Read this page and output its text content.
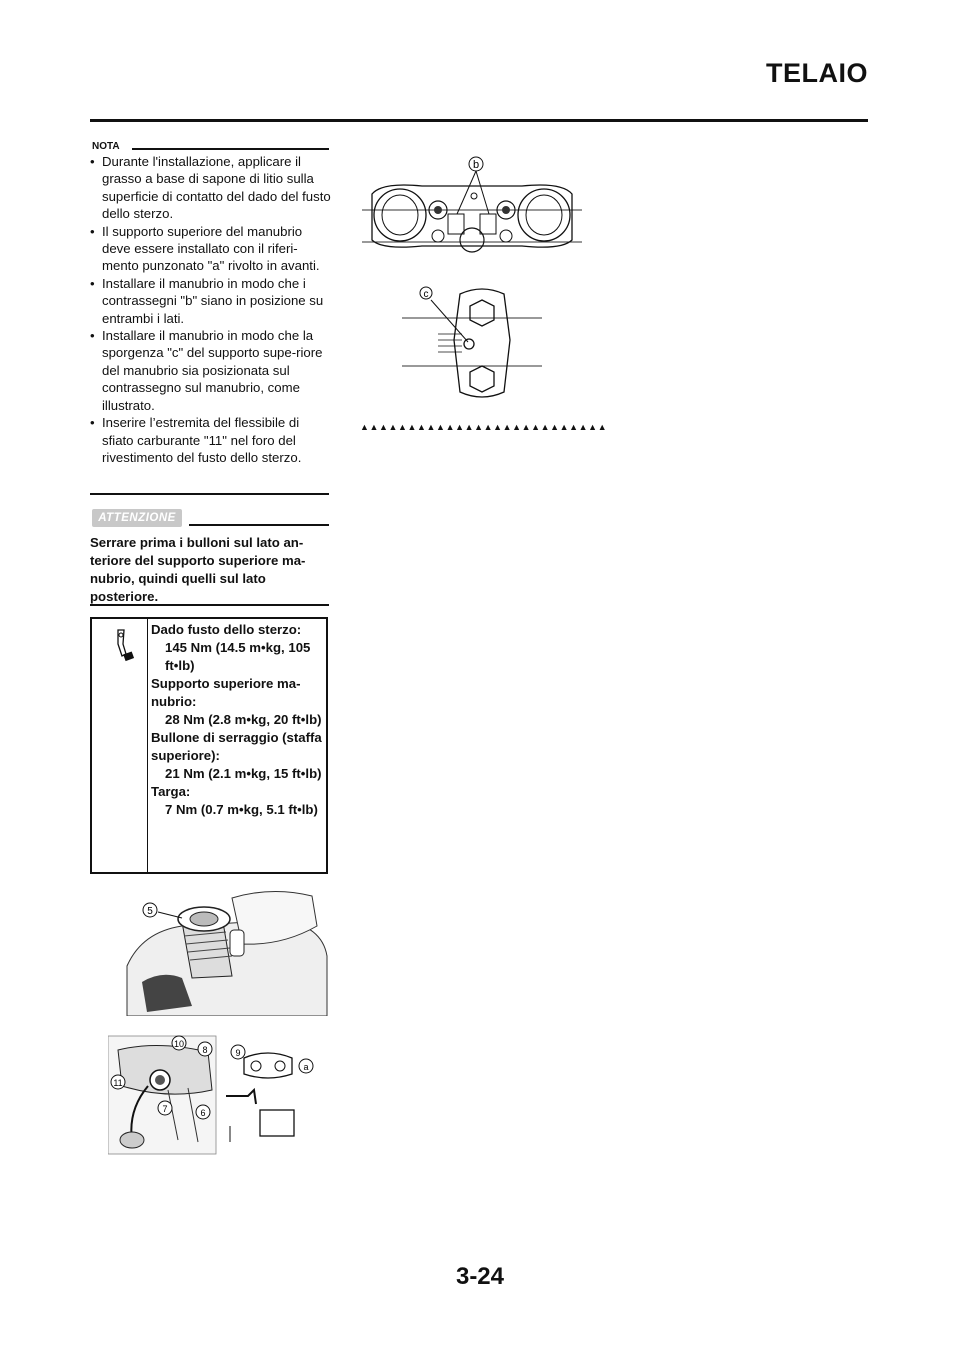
TELAIO
NOTA
• Durante l'installazione, applicare il grasso a base di sapone di litio sulla superficie di contatto del dado del fusto dello sterzo.
• Il supporto superiore del manubrio deve essere installato con il riferi-mento punzonato "a" rivolto in avanti.
• Installare il manubrio in modo che i contrassegni "b" siano in posizione su entrambi i lati.
• Installare il manubrio in modo che la sporgenza "c" del supporto supe-riore del manubrio sia posizionata sul contrassegno sul manubrio, come illustrato.
• Inserire l’estremita del flessibile di sfiato carburante "11" nel foro del rivestimento del fusto dello sterzo.
ATTENZIONE
Serrare prima i bulloni sul lato an-teriore del supporto superiore ma-nubrio, quindi quelli sul lato posteriore.
Dado fusto dello sterzo:
145 Nm (14.5 m•kg, 105 ft•lb)
Supporto superiore ma-nubrio:
28 Nm (2.8 m•kg, 20 ft•lb)
Bullone di serraggio (staffa superiore):
21 Nm (2.1 m•kg, 15 ft•lb)
Targa:
7 Nm (0.7 m•kg, 5.1 ft•lb)
b
c
▲▲▲▲▲▲▲▲▲▲▲▲▲▲▲▲▲▲▲▲▲▲▲▲▲▲
5
10
8
11
7	6
9
a
3-24
